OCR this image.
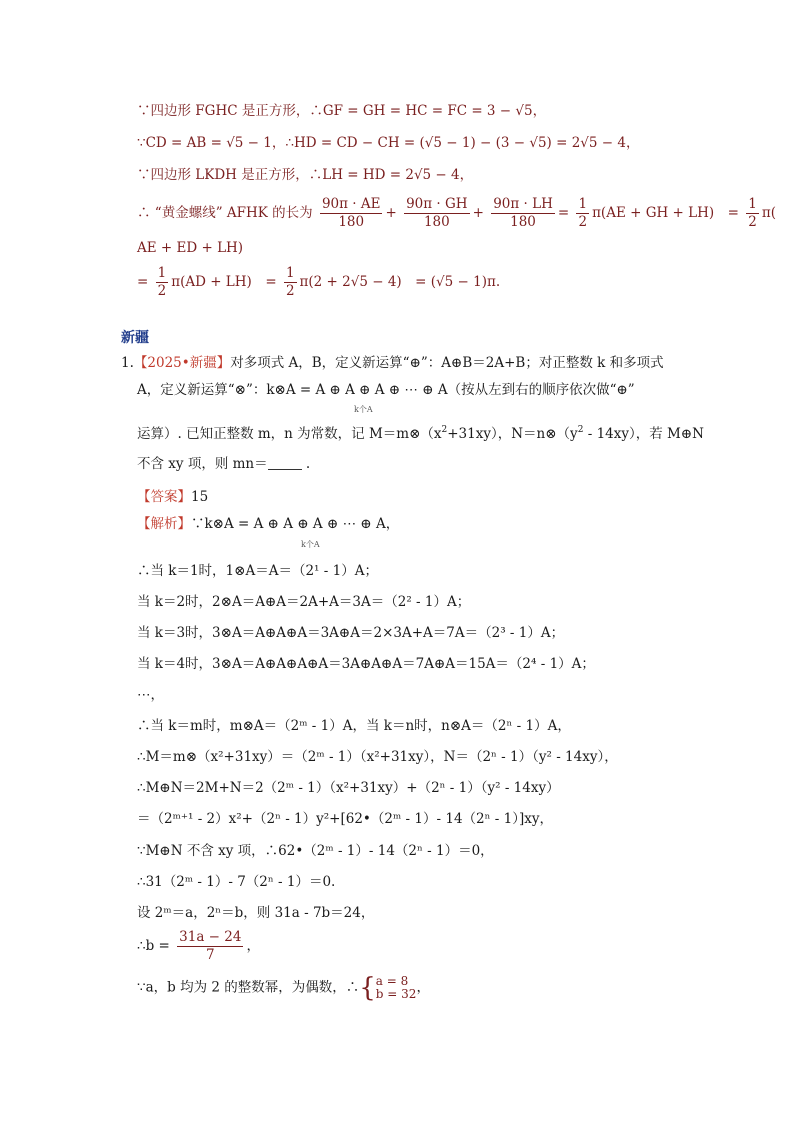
∵四边形 FGHC 是正方形，∴GF = GH = HC = FC = 3 − √5，
∵CD = AB = √5 − 1，∴HD = CD − CH = (√5 − 1) − (3 − √5) = 2√5 − 4，
∵四边形 LKDH 是正方形，∴LH = HD = 2√5 − 4，
∴ “黄金螺线” AFHK 的长为 $\frac{90\pi \cdot AE}{180} + \frac{90\pi \cdot GH}{180} + \frac{90\pi \cdot LH}{180} = \frac{1}{2} \pi(AE$ + GH + LH)　= $\frac{1}{2} \pi$(
AE + ED + LH)
= $\frac{1}{2} \pi(AD + LH)$　= $\frac{1}{2} \pi(2 + 2√5 - 4)$　= (√5 − 1)π.
新疆
1.【2025•新疆】对多项式 A，B，定义新运算“⊕”：A⊕B＝2A+B；对正整数 k 和多项式
A，定义新运算“⊗”：k⊗A = A ⊕ A ⊕ A ⊕ ⋯ ⊕ A（按从左到右的顺序依次做“⊕”
k个A
运算）. 已知正整数 m，n 为常数，记 $M=m\otimes(x^2+31xy)$，$N=n\otimes(y^2 - 14xy)$，若 M⊕N
不含 xy 项，则 mn＝	.
【答案】15
【解析】∵k⊗A = A ⊕ A ⊕ A ⊕ ⋯ ⊕ A，
k个A
∴当 k＝1时，1⊗A＝A＝（2¹ - 1）A；
当 k＝2时，2⊗A＝A⊕A＝2A+A＝3A＝（2² - 1）A；
当 k＝3时，3⊗A＝A⊕A⊕A＝3A⊕A＝2×3A+A＝7A＝（2³ - 1）A；
当 k＝4时，3⊗A＝A⊕A⊕A⊕A＝3A⊕A⊕A＝7A⊕A＝15A＝（2⁴ - 1）A；
⋯，
∴当 k＝m时，m⊗A＝（2ᵐ - 1）A，当 k＝n时，n⊗A＝（2ⁿ - 1）A，
∴M＝m⊗（x²+31xy）＝（2ᵐ - 1）（x²+31xy），N＝（2ⁿ - 1）（y² - 14xy），
∴M⊕N＝2M+N＝2（2ᵐ - 1）（x²+31xy）+（2ⁿ - 1）（y² - 14xy）
＝（2ᵐ⁺¹ - 2）x²+（2ⁿ - 1）y²+[62•（2ᵐ - 1）- 14（2ⁿ - 1）]xy，
∵M⊕N 不含 xy 项，∴62•（2ᵐ - 1）- 14（2ⁿ - 1）＝0，
∴31（2ᵐ - 1）- 7（2ⁿ - 1）＝0.
设 2ᵐ＝a，2ⁿ＝b，则 31a - 7b＝24，
∴b = $\frac{31a - 24}{7}$ ，
∵a，b 均为 2 的整数幂，为偶数，∴{ a = 8
b = 32 ，
